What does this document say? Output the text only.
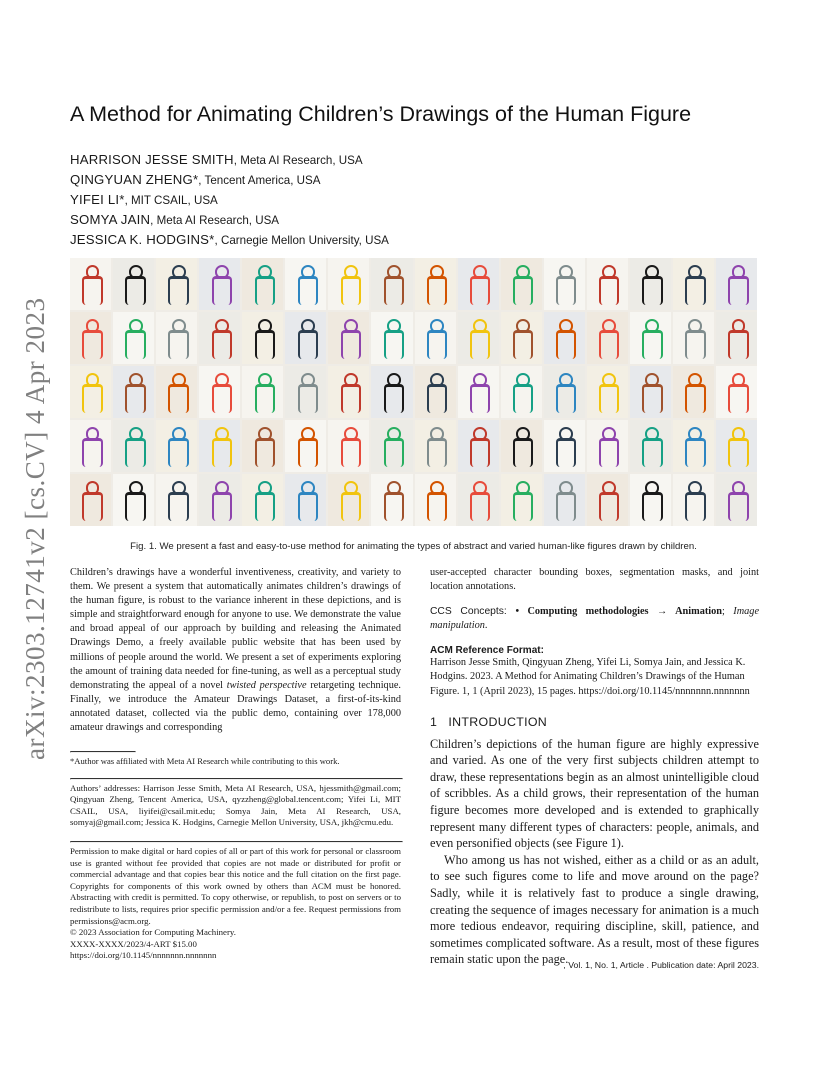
arXiv:2303.12741v2 [cs.CV] 4 Apr 2023
A Method for Animating Children’s Drawings of the Human Figure
HARRISON JESSE SMITH, Meta AI Research, USA
QINGYUAN ZHENG*, Tencent America, USA
YIFEI LI*, MIT CSAIL, USA
SOMYA JAIN, Meta AI Research, USA
JESSICA K. HODGINS*, Carnegie Mellon University, USA
Fig. 1. We present a fast and easy-to-use method for animating the types of abstract and varied human-like figures drawn by children.

Children’s drawings have a wonderful inventiveness, creativity, and variety to them. We present a system that automatically animates children’s drawings of the human figure, is robust to the variance inherent in these depictions, and is simple and straightforward enough for anyone to use. We demonstrate the value and broad appeal of our approach by building and releasing the Animated Drawings Demo, a freely available public website that has been used by millions of people around the world. We present a set of experiments exploring the amount of training data needed for fine-tuning, as well as a perceptual study demonstrating the appeal of a novel twisted perspective retargeting technique. Finally, we introduce the Amateur Drawings Dataset, a first-of-its-kind annotated dataset, collected via the public demo, containing over 178,000 amateur drawings and corresponding

*Author was affiliated with Meta AI Research while contributing to this work.

Authors’ addresses: Harrison Jesse Smith, Meta AI Research, USA, hjessmith@gmail.com; Qingyuan Zheng, Tencent America, USA, qyzzheng@global.tencent.com; Yifei Li, MIT CSAIL, USA, liyifei@csail.mit.edu; Somya Jain, Meta AI Research, USA, somyaj@gmail.com; Jessica K. Hodgins, Carnegie Mellon University, USA, jkh@cmu.edu.

Permission to make digital or hard copies of all or part of this work for personal or classroom use is granted without fee provided that copies are not made or distributed for profit or commercial advantage and that copies bear this notice and the full citation on the first page. Copyrights for components of this work owned by others than ACM must be honored. Abstracting with credit is permitted. To copy otherwise, or republish, to post on servers or to redistribute to lists, requires prior specific permission and/or a fee. Request permissions from permissions@acm.org.

© 2023 Association for Computing Machinery.

XXXX-XXXX/2023/4-ART $15.00

https://doi.org/10.1145/nnnnnnn.nnnnnnn

user-accepted character bounding boxes, segmentation masks, and joint location annotations.

CCS Concepts: • Computing methodologies → Animation; Image manipulation.

ACM Reference Format:

Harrison Jesse Smith, Qingyuan Zheng, Yifei Li, Somya Jain, and Jessica K. Hodgins. 2023. A Method for Animating Children’s Drawings of the Human Figure. 1, 1 (April 2023), 15 pages. https://doi.org/10.1145/nnnnnnn.nnnnnnn

1   INTRODUCTION

Children’s depictions of the human figure are highly expressive and varied. As one of the very first subjects children attempt to draw, these representations begin as an almost unintelligible cloud of scribbles. As a child grows, their representation of the human figure becomes more developed and is extended to graphically represent many different types of characters: people, animals, and even personified objects (see Figure 1).

Who among us has not wished, either as a child or as an adult, to see such figures come to life and move around on the page? Sadly, while it is relatively fast to produce a single drawing, creating the sequence of images necessary for animation is a much more tedious endeavor, requiring discipline, skill, patience, and sometimes complicated software. As a result, most of these figures remain static upon the page.

, Vol. 1, No. 1, Article . Publication date: April 2023.
